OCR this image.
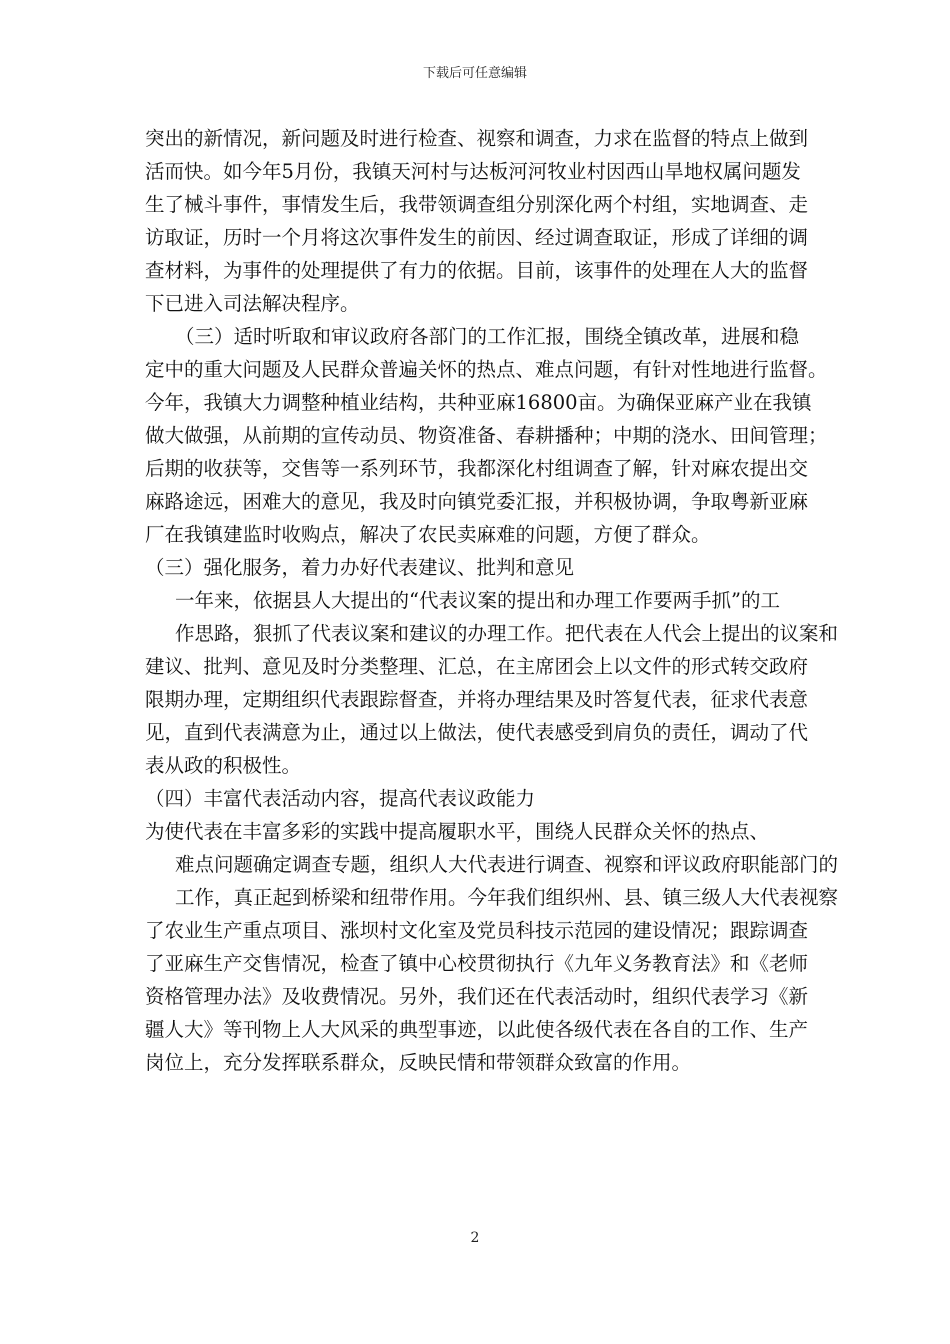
下载后可任意编辑
突出的新情况，新问题及时进行检查、视察和调查，力求在监督的特点上做到
活而快。如今年5月份，我镇天河村与达板河河牧业村因西山旱地权属问题发
生了械斗事件，事情发生后，我带领调查组分别深化两个村组，实地调查、走
访取证，历时一个月将这次事件发生的前因、经过调查取证，形成了详细的调
查材料，为事件的处理提供了有力的依据。目前，该事件的处理在人大的监督
下已进入司法解决程序。
（三）适时听取和审议政府各部门的工作汇报，围绕全镇改革，进展和稳
定中的重大问题及人民群众普遍关怀的热点、难点问题，有针对性地进行监督。
今年，我镇大力调整种植业结构，共种亚麻16800亩。为确保亚麻产业在我镇
做大做强，从前期的宣传动员、物资准备、春耕播种；中期的浇水、田间管理；
后期的收获等，交售等一系列环节，我都深化村组调查了解，针对麻农提出交
麻路途远，困难大的意见，我及时向镇党委汇报，并积极协调，争取粤新亚麻
厂在我镇建监时收购点，解决了农民卖麻难的问题，方便了群众。
（三）强化服务，着力办好代表建议、批判和意见
一年来，依据县人大提出的“代表议案的提出和办理工作要两手抓”的工
作思路，狠抓了代表议案和建议的办理工作。把代表在人代会上提出的议案和
建议、批判、意见及时分类整理、汇总，在主席团会上以文件的形式转交政府
限期办理，定期组织代表跟踪督查，并将办理结果及时答复代表，征求代表意
见，直到代表满意为止，通过以上做法，使代表感受到肩负的责任，调动了代
表从政的积极性。
（四）丰富代表活动内容，提高代表议政能力
为使代表在丰富多彩的实践中提高履职水平，围绕人民群众关怀的热点、
难点问题确定调查专题，组织人大代表进行调查、视察和评议政府职能部门的
工作，真正起到桥梁和纽带作用。今年我们组织州、县、镇三级人大代表视察
了农业生产重点项目、涨坝村文化室及党员科技示范园的建设情况；跟踪调查
了亚麻生产交售情况，检查了镇中心校贯彻执行《九年义务教育法》和《老师
资格管理办法》及收费情况。另外，我们还在代表活动时，组织代表学习《新
疆人大》等刊物上人大风采的典型事迹，以此使各级代表在各自的工作、生产
岗位上，充分发挥联系群众，反映民情和带领群众致富的作用。
2
